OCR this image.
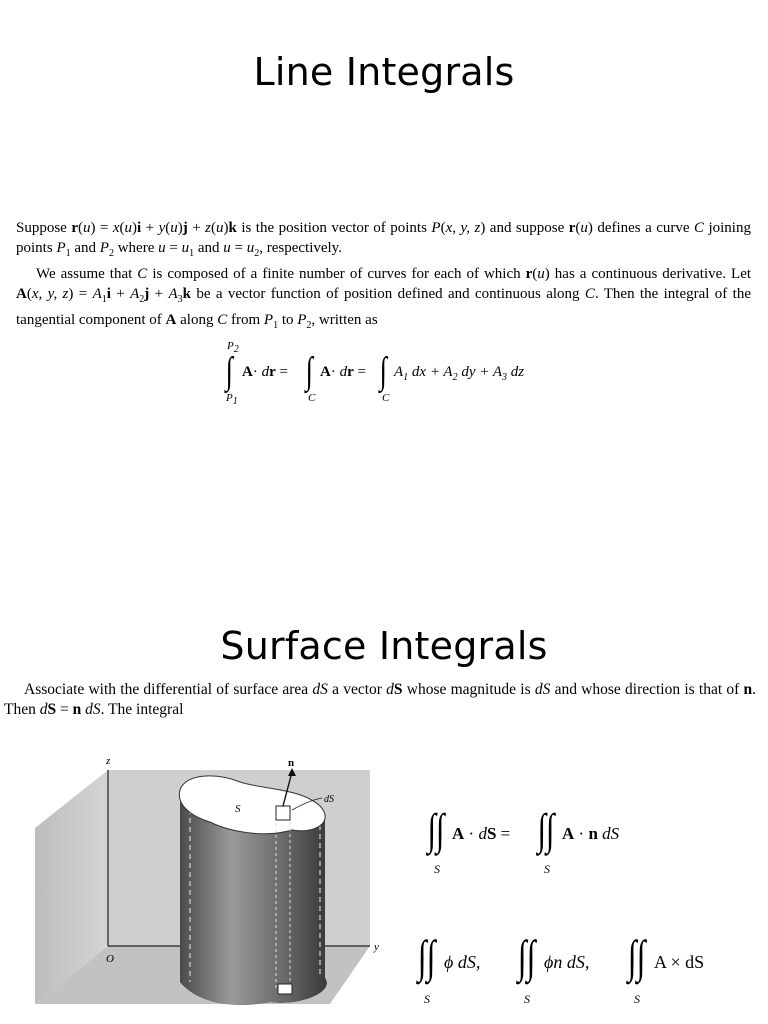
Line Integrals

Suppose r(u) = x(u)i + y(u)j + z(u)k is the position vector of points P(x, y, z) and suppose r(u) defines a curve C joining points $P_1$ and $P_2$ where $u = u_1$ and $u = u_2$, respectively.
We assume that C is composed of a finite number of curves for each of which r(u) has a continuous derivative. Let A(x, y, $z) = A_1i + A_2j + A_3k$ be a vector function of position defined and continuous along C. Then the integral of the tangential component of A along C from $P_1$ to $P_2$, written as

$P_2$
∫
$P_1$
A· dr = ∫
C
A· dr = ∫
C
$A_1$ dx + $A_2$ dy + $A_3$ dz
Surface Integrals

Associate with the differential of surface area dS a vector dS whose magnitude is dS and whose direction is that of n. Then dS = n dS. The integral

z
y
O
S
n
dS
∫∫
S
A · dS = ∫∫
S
A · n dS
∫∫
S
ϕ dS, ∫∫
S
ϕn dS, ∫∫
S
A × dS
